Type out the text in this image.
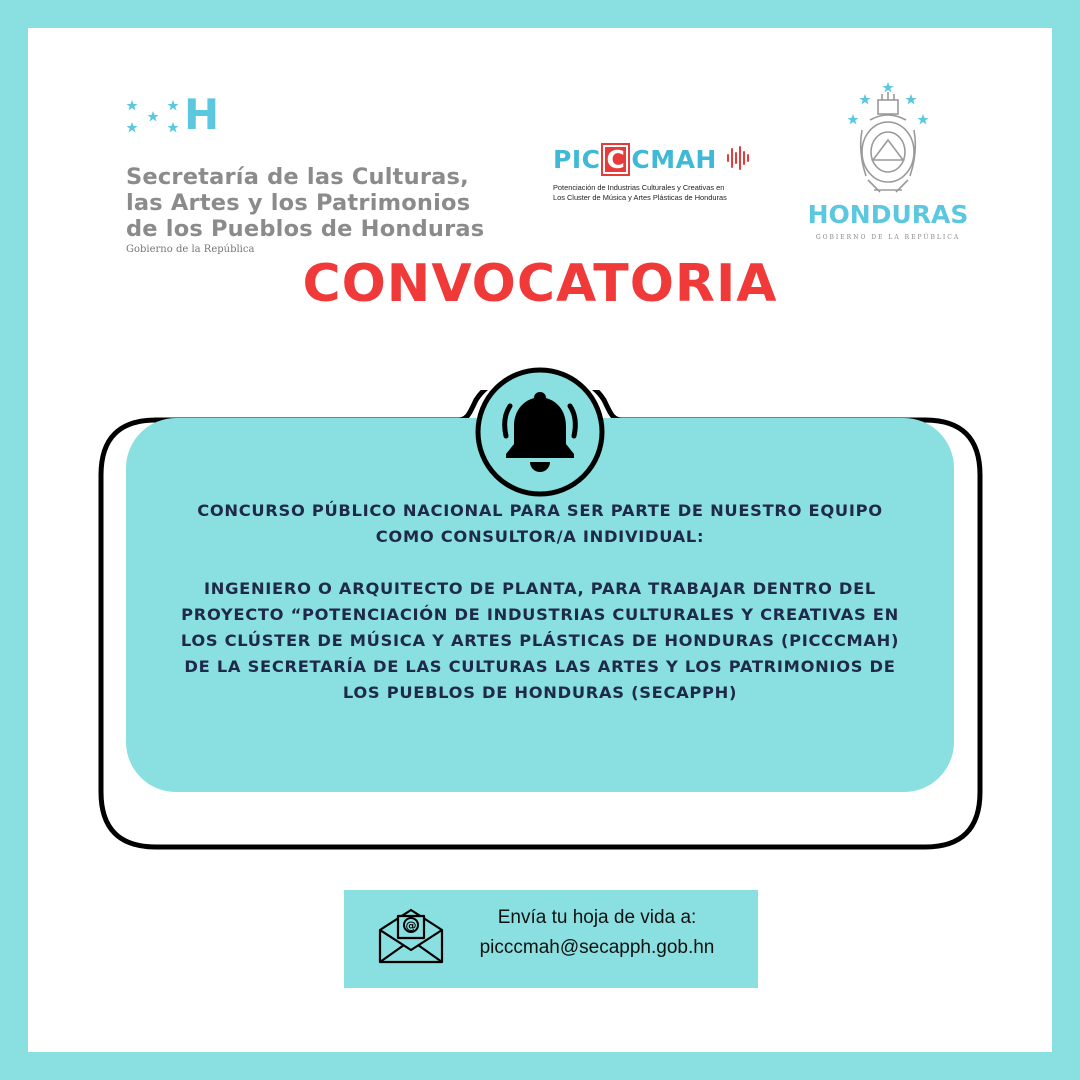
H
Secretaría de las Culturas,
las Artes y los Patrimonios
de los Pueblos de Honduras
Gobierno de la República
PIC C CMAH
Potenciación de Industrias Culturales y Creativas en
Los Cluster de Música y Artes Plásticas de Honduras
HONDURAS
GOBIERNO DE LA REPÚBLICA
CONVOCATORIA

CONCURSO PÚBLICO NACIONAL PARA SER PARTE DE NUESTRO EQUIPO

COMO CONSULTOR/A INDIVIDUAL:

INGENIERO O ARQUITECTO DE PLANTA, PARA TRABAJAR DENTRO DEL

PROYECTO “POTENCIACIÓN DE INDUSTRIAS CULTURALES Y CREATIVAS EN

LOS CLÚSTER DE MÚSICA Y ARTES PLÁSTICAS DE HONDURAS (PICCCMAH)

DE LA SECRETARÍA DE LAS CULTURAS LAS ARTES Y LOS PATRIMONIOS DE

LOS PUEBLOS DE HONDURAS (SECAPPH)

@	Envía tu hoja de vida a:
picccmah@secapph.gob.hn
